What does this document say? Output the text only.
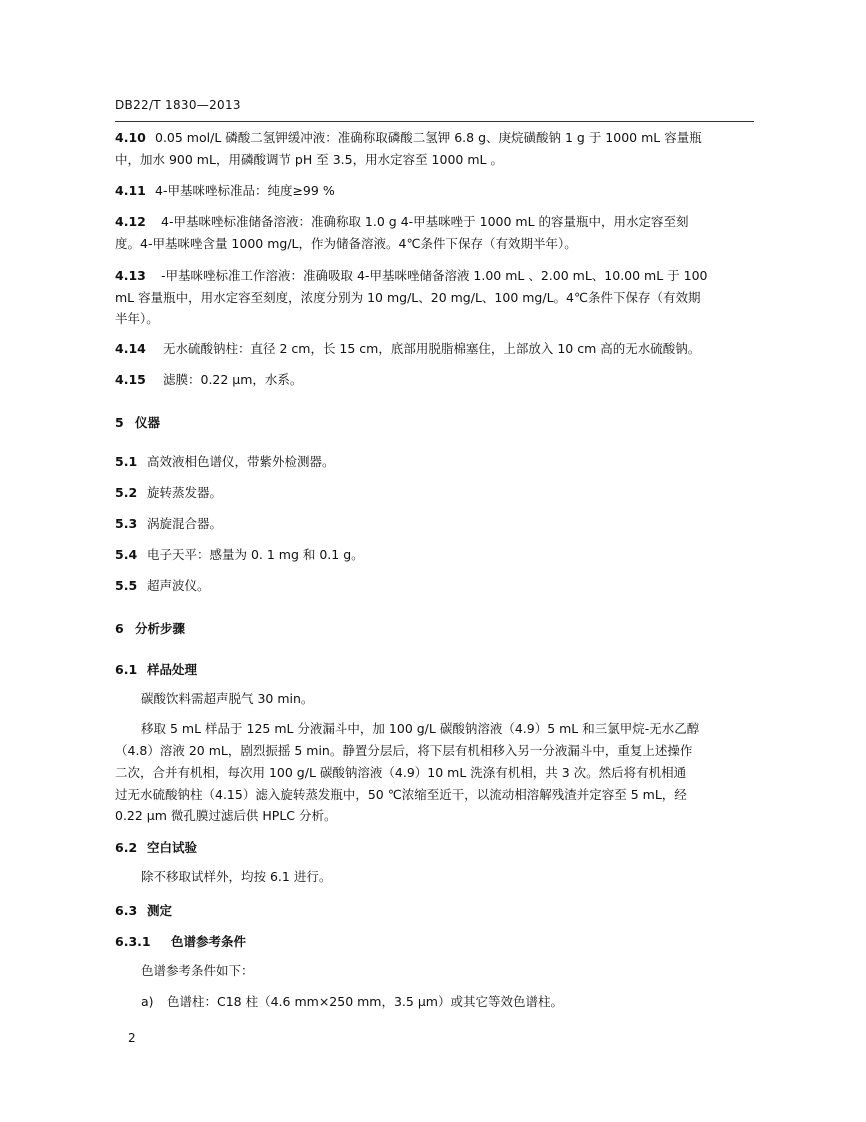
DB22/T 1830—2013
4.10 0.05 mol/L 磷酸二氢钾缓冲液：准确称取磷酸二氢钾 6.8 g、庚烷磺酸钠 1 g 于 1000 mL 容量瓶
中，加水 900 mL，用磷酸调节 pH 至 3.5，用水定容至 1000 mL 。
4.11 4-甲基咪唑标准品：纯度≥99 %
4.12 4-甲基咪唑标准储备溶液：准确称取 1.0 g 4-甲基咪唑于 1000 mL 的容量瓶中，用水定容至刻
度。4-甲基咪唑含量 1000 mg/L，作为储备溶液。4℃条件下保存（有效期半年）。
4.13 -甲基咪唑标准工作溶液：准确吸取 4-甲基咪唑储备溶液 1.00 mL 、2.00 mL、10.00 mL 于 100
mL 容量瓶中，用水定容至刻度，浓度分别为 10 mg/L、20 mg/L、100 mg/L。4℃条件下保存（有效期
半年）。
4.14 无水硫酸钠柱：直径 2 cm，长 15 cm，底部用脱脂棉塞住，上部放入 10 cm 高的无水硫酸钠。
4.15 滤膜：0.22 μm，水系。
5 仪器
5.1 高效液相色谱仪，带紫外检测器。
5.2 旋转蒸发器。
5.3 涡旋混合器。
5.4 电子天平：感量为 0. 1 mg 和 0.1 g。
5.5 超声波仪。
6 分析步骤
6.1 样品处理
碳酸饮料需超声脱气 30 min。
移取 5 mL 样品于 125 mL 分液漏斗中，加 100 g/L 碳酸钠溶液（4.9）5 mL 和三氯甲烷-无水乙醇
（4.8）溶液 20 mL，剧烈振摇 5 min。静置分层后，将下层有机相移入另一分液漏斗中，重复上述操作
二次，合并有机相，每次用 100 g/L 碳酸钠溶液（4.9）10 mL 洗涤有机相，共 3 次。然后将有机相通
过无水硫酸钠柱（4.15）滤入旋转蒸发瓶中，50 ℃浓缩至近干，以流动相溶解残渣并定容至 5 mL，经
0.22 μm 微孔膜过滤后供 HPLC 分析。
6.2 空白试验
除不移取试样外，均按 6.1 进行。
6.3 测定
6.3.1 色谱参考条件
色谱参考条件如下：
a) 色谱柱：C18 柱（4.6 mm×250 mm，3.5 μm）或其它等效色谱柱。
2
